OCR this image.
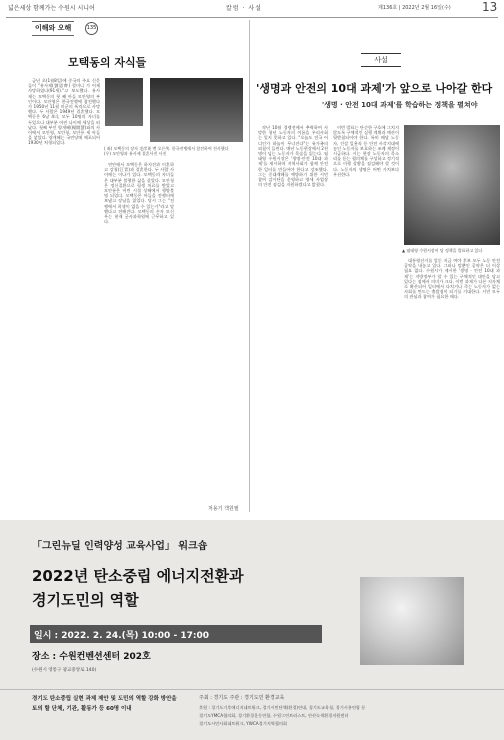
넓은세상 함께가는 수원시 시니어	칼럼 · 사설	제136호 | 2022년 2월 16일(수)	13
이해와 오해	135
모택동의 자식들
( 좌) 모택동의 장자 毛岸英 맨 오른쪽. 한국전쟁에서 참전하여 전사했다
(우) 모안영과 유사제 결혼사진 사진

금년 초(1월8일)에 중국의 주요 신문들이 "유사제(劉思齊) 할머니 가 어제 사망하였다(91세)."고 보도했다. 유사제는 모택동의 첫 째 아들 모안영의 부인이다. 모안영은 한국전쟁에 참전했다가 1950년 11월 미군의 폭격으로 사망했다. 두 사람은 1949년 결혼했다. 모택동은 6남 4녀, 모두 10명의 자녀를 두었으나 대부분 어린 나이에 세상을 떠났다. 첫째 부인 양개혜(楊開慧)와의 사이에서 모안영, 모안청, 모안룡 세 아들을 낳았다. 양개혜는 국민당에 체포되어 1930년 처형되었다.

연안에서 모택동은 하자진과 이혼하고 강청(江青)과 결혼한다. 두 사람 사이에는 이나가 있다. 모택동의 자녀들은 대부분 불행한 삶을 살았다. 모안청은 정신질환으로 평생 치료를 받았고 모안룡은 어린 시절 상해에서 행방불명 되었다. 모택동은 아들을 전쟁터에 보냈고 장남을 잃었다. 당시 그는 "전쟁에서 희생이 없을 수 있는가"라고 말했다고 전해진다. 모택동의 손자 모신우는 현재 군사과학원에 근무하고 있다.

처용기 객원필
사설
'생명과 안전의 10대 과제'가 앞으로 나아갈 한다
'생명 · 안전 10대 과제'를 학습하는 정책을 펼쳐야
▲ 염태영 수원시장이 당 정책을 발표하고 있다

작년 10월 경쟁전에서 추락하여 사망한 청년 노동자의 이름을 우리사회는 잊지 못하고 있다. "오늘도 전국 어디인가 하늘이 무너진다"는 유가족의 외침이 들린다. 매년 노동현장에서 2천명이 넘는 노동자가 목숨을 잃는다. 염태영 수원시장은 '생명·안전 10대 과제'를 제시하며 지역사회가 함께 안전한 일터를 만들어야 한다고 강조했다. 그는 중대재해를 예방하기 위한 시민 참여 감시단을 운영하고 영세 사업장의 안전 점검을 지원하겠다고 밝혔다.

이번 발표는 단순한 구호에 그치지 않도록 구체적인 실행 계획과 예산이 뒷받침되어야 한다. 특히 배달 노동자, 건설 일용직 등 안전 사각지대에 놓인 노동자를 보호하는 조례 제정이 시급하다. 시는 현장 노동자의 목소리를 듣는 협의체를 구성하고 정기적으로 이행 상황을 점검해야 할 것이다. 노동자의 생명은 어떤 가치보다 우선한다.

대통령선거를 앞둔 지금 여야 후보 모두 노동 안전 공약을 내놓고 있다. 그러나 말뿐인 공약은 더 이상 필요 없다. 수원시가 제시한 '생명 · 안전 10대 과제'는 지방정부가 할 수 있는 구체적인 대안을 담고 있다는 점에서 의미가 크다. 이번 과제가 다른 지자체로 확산되어 일터에서 다치거나 죽는 노동자가 없는 사회를 만드는 출발점이 되기를 기대한다. 시민 모두의 관심과 참여가 필요한 때다.

「그린뉴딜 인력양성 교육사업」 워크숍
2022년 탄소중립 에너지전환과
경기도민의 역할
일시 : 2022. 2. 24.(목) 10:00 - 17:00
장소 : 수원컨벤션센터 202호
(수원시 영통구 광교중앙로 140)
경기도 탄소중립 실현 과제 제안 및 도민의 역할 강화 방안을
토의 할 단체, 기관, 활동가 등 60명 이내
주최 : 경기도 주관 : 경기도민 환경교육
후원 : 경기도기후에너지네트워크, 경기시민단체(환경)연대, 경기도교육청, 경기시흥연합 등
경기도YMCA협의회, 경기환경운동연합, 수원그린트러스트, 안산녹색환경지원센터
경기도시민사회네트워크, YWCA경기지역협의회
